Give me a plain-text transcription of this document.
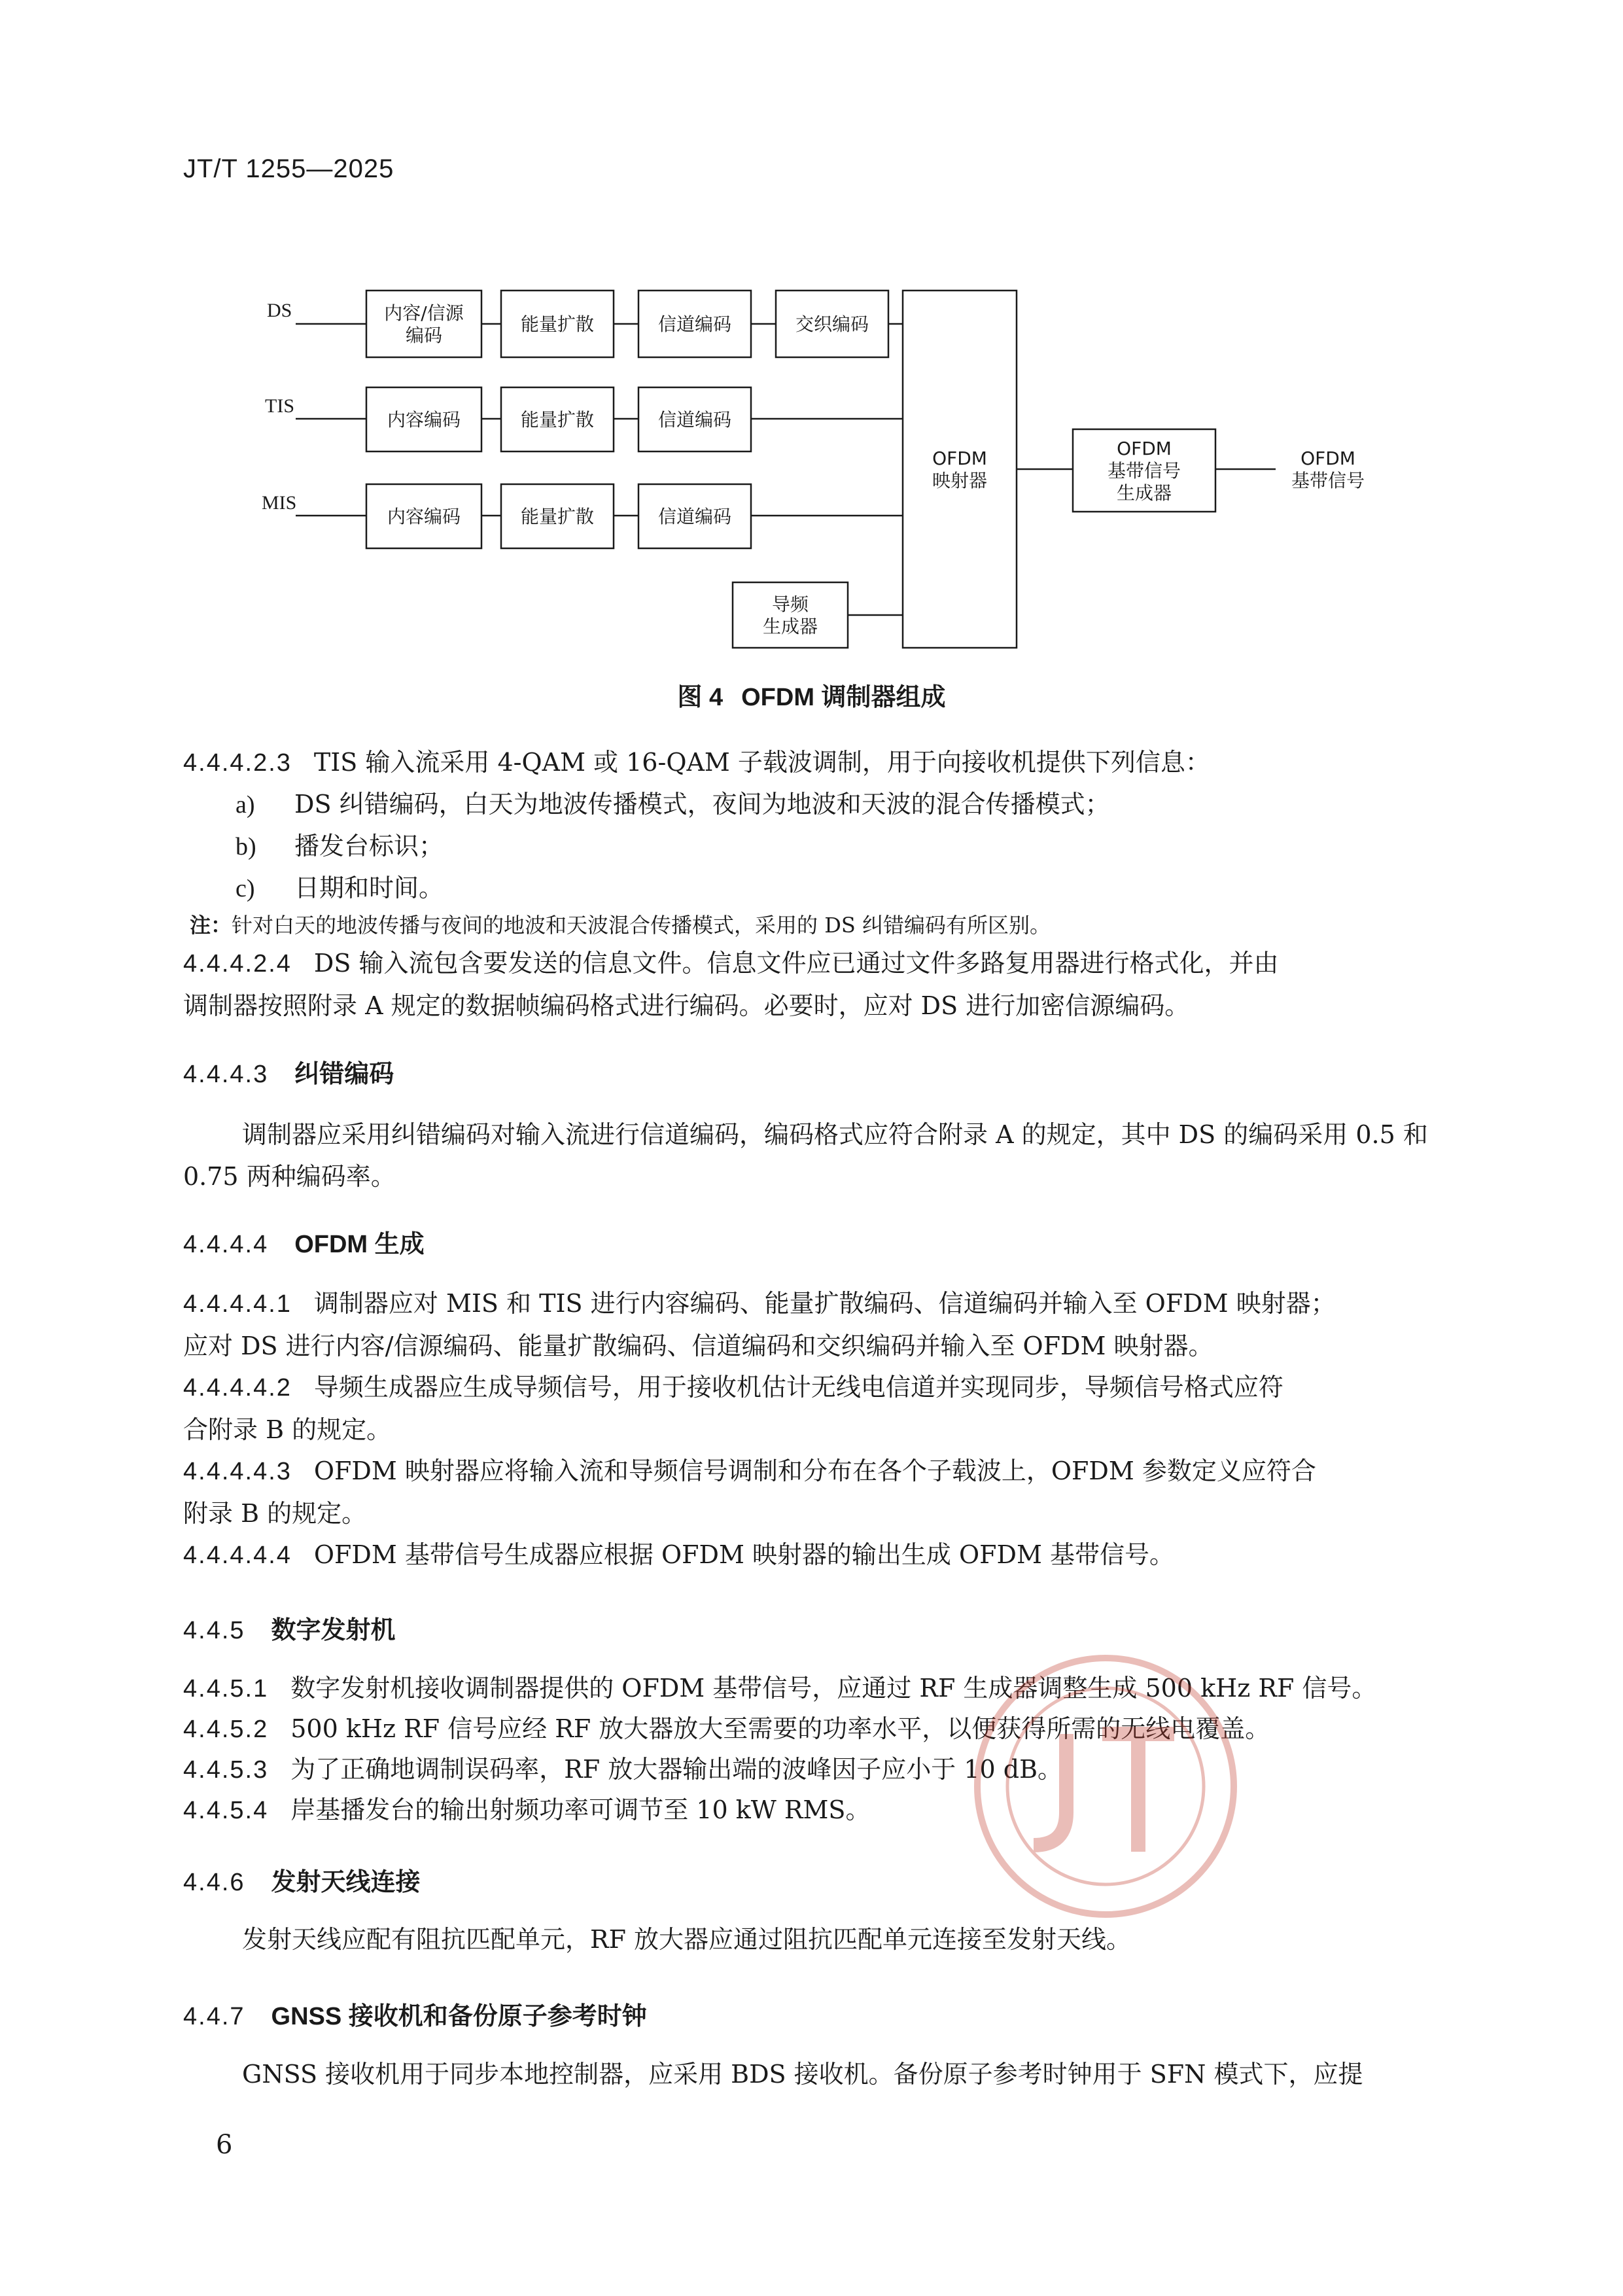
JT/T 1255—2025
DS
TIS
MIS
内容/信源编码
能量扩散	信道编码	交织编码
内容编码	能量扩散	信道编码
内容编码	能量扩散	信道编码
导频生成器
OFDM 映射器
OFDM 基带信号生成器
OFDM 基带信号
图 4 OFDM 调制器组成
4.4.4.2.3 TIS 输入流采用 4-QAM 或 16-QAM 子载波调制，用于向接收机提供下列信息：
a) DS 纠错编码，白天为地波传播模式，夜间为地波和天波的混合传播模式；
b) 播发台标识；
c) 日期和时间。
注：针对白天的地波传播与夜间的地波和天波混合传播模式，采用的 DS 纠错编码有所区别。
4.4.4.2.4 DS 输入流包含要发送的信息文件。信息文件应已通过文件多路复用器进行格式化，并由
调制器按照附录 A 规定的数据帧编码格式进行编码。必要时，应对 DS 进行加密信源编码。
4.4.4.3 纠错编码
调制器应采用纠错编码对输入流进行信道编码，编码格式应符合附录 A 的规定，其中 DS 的编码采用 0.5 和 0.75 两种编码率。
4.4.4.4 OFDM 生成
4.4.4.4.1 调制器应对 MIS 和 TIS 进行内容编码、能量扩散编码、信道编码并输入至 OFDM 映射器；
应对 DS 进行内容/信源编码、能量扩散编码、信道编码和交织编码并输入至 OFDM 映射器。
4.4.4.4.2 导频生成器应生成导频信号，用于接收机估计无线电信道并实现同步，导频信号格式应符
合附录 B 的规定。
4.4.4.4.3 OFDM 映射器应将输入流和导频信号调制和分布在各个子载波上，OFDM 参数定义应符合
附录 B 的规定。
4.4.4.4.4 OFDM 基带信号生成器应根据 OFDM 映射器的输出生成 OFDM 基带信号。
4.4.5 数字发射机
4.4.5.1 数字发射机接收调制器提供的 OFDM 基带信号，应通过 RF 生成器调整生成 500 kHz RF 信号。
4.4.5.2 500 kHz RF 信号应经 RF 放大器放大至需要的功率水平，以便获得所需的无线电覆盖。
4.4.5.3 为了正确地调制误码率，RF 放大器输出端的波峰因子应小于 10 dB。
4.4.5.4 岸基播发台的输出射频功率可调节至 10 kW RMS。
4.4.6 发射天线连接
发射天线应配有阻抗匹配单元，RF 放大器应通过阻抗匹配单元连接至发射天线。
4.4.7 GNSS 接收机和备份原子参考时钟
GNSS 接收机用于同步本地控制器，应采用 BDS 接收机。备份原子参考时钟用于 SFN 模式下，应提
6
